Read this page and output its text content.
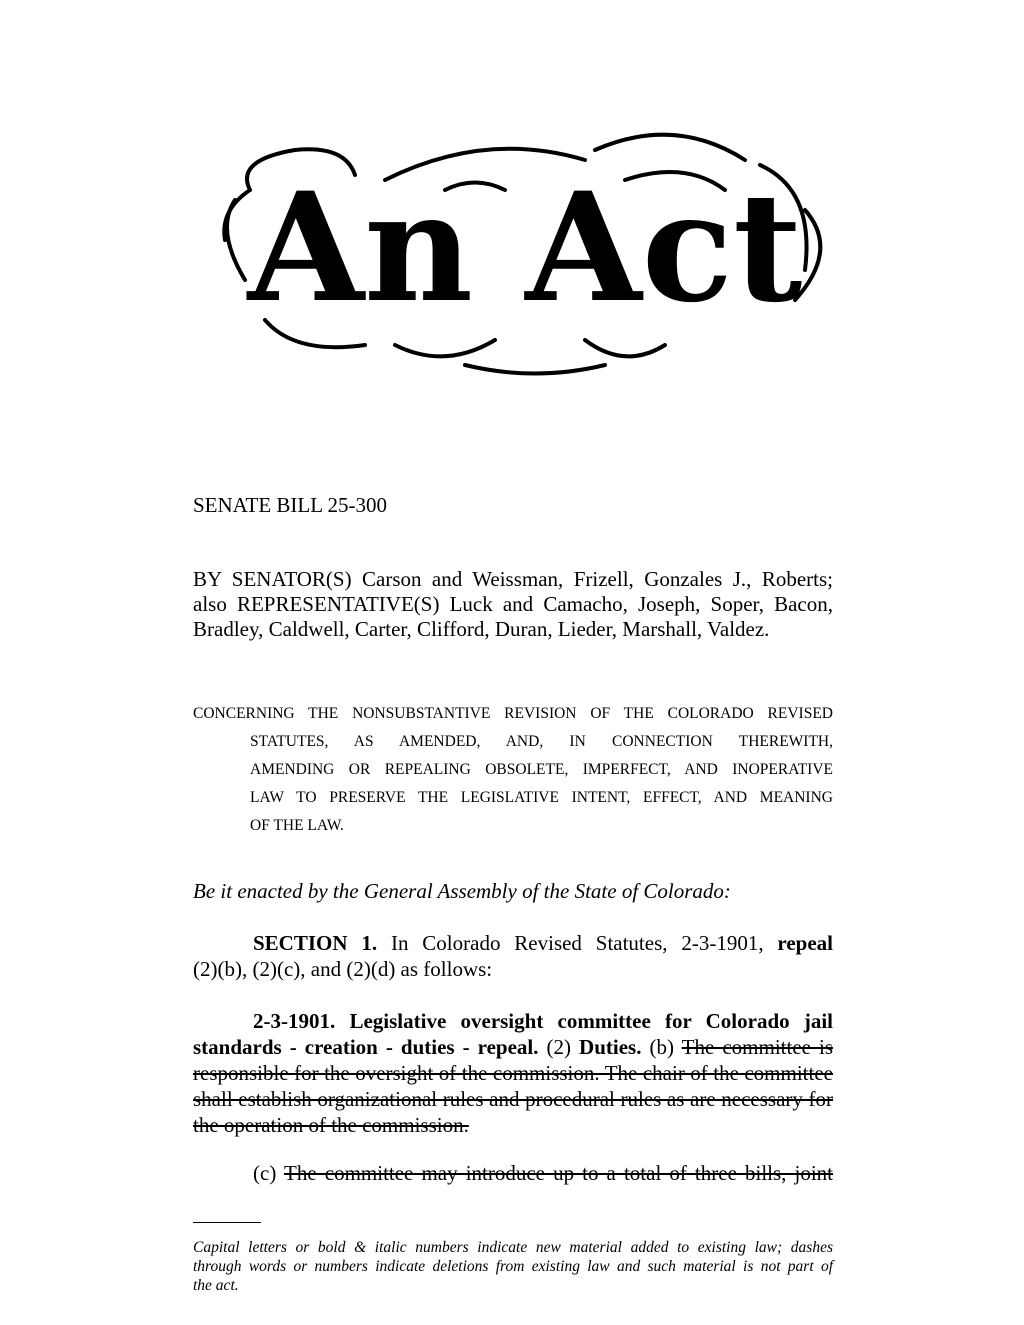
An Act
SENATE BILL 25-300
BY SENATOR(S) Carson and Weissman, Frizell, Gonzales J., Roberts;
also REPRESENTATIVE(S) Luck and Camacho, Joseph, Soper, Bacon,
Bradley, Caldwell, Carter, Clifford, Duran, Lieder, Marshall, Valdez.
CONCERNING THE NONSUBSTANTIVE REVISION OF THE COLORADO REVISED
STATUTES, AS AMENDED, AND, IN CONNECTION THEREWITH,
AMENDING OR REPEALING OBSOLETE, IMPERFECT, AND INOPERATIVE
LAW TO PRESERVE THE LEGISLATIVE INTENT, EFFECT, AND MEANING
OF THE LAW.
Be it enacted by the General Assembly of the State of Colorado:
SECTION 1. In Colorado Revised Statutes, 2-3-1901, repeal
(2)(b), (2)(c), and (2)(d) as follows:
2-3-1901. Legislative oversight committee for Colorado jail
standards - creation - duties - repeal. (2) Duties. (b) The committee is
responsible for the oversight of the commission. The chair of the committee
shall establish organizational rules and procedural rules as are necessary for
the operation of the commission.
(c) The committee may introduce up to a total of three bills, joint
Capital letters or bold & italic numbers indicate new material added to existing law; dashes
through words or numbers indicate deletions from existing law and such material is not part of
the act.
